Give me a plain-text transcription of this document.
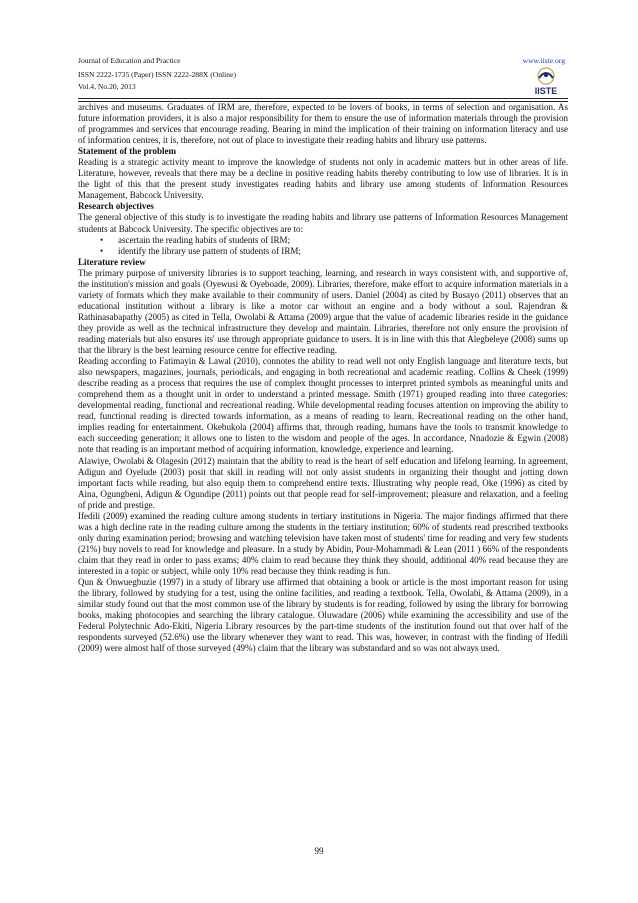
Journal of Education and Practice	www.iiste.org
ISSN 2222-1735 (Paper) ISSN 2222-288X (Online)
Vol.4, No.20, 2013	IISTE

archives and museums. Graduates of IRM are, therefore, expected to be lovers of books, in terms of selection and organisation. As future information providers, it is also a major responsibility for them to ensure the use of information materials through the provision of programmes and services that encourage reading. Bearing in mind the implication of their training on information literacy and use of information centres, it is, therefore, not out of place to investigate their reading habits and library use patterns.

Statement of the problem

Reading is a strategic activity meant to improve the knowledge of students not only in academic matters but in other areas of life. Literature, however, reveals that there may be a decline in positive reading habits thereby contributing to low use of libraries. It is in the light of this that the present study investigates reading habits and library use among students of Information Resources Management, Babcock University.

Research objectives

The general objective of this study is to investigate the reading habits and library use patterns of Information Resources Management students at Babcock University. The specific objectives are to:

• ascertain the reading habits of students of IRM;
• identify the library use pattern of students of IRM;
Literature review

The primary purpose of university libraries is to support teaching, learning, and research in ways consistent with, and supportive of, the institution's mission and goals (Oyewusi & Oyeboade, 2009). Libraries, therefore, make effort to acquire information materials in a variety of formats which they make available to their community of users. Daniel (2004) as cited by Busayo (2011) observes that an educational institution without a library is like a motor car without an engine and a body without a soul. Rajendran & Rathinasabapathy (2005) as cited in Tella, Owolabi & Attama (2009) argue that the value of academic libraries reside in the guidance they provide as well as the technical infrastructure they develop and maintain. Libraries, therefore not only ensure the provision of reading materials but also ensures its' use through appropriate guidance to users. It is in line with this that Alegbeleye (2008) sums up that the library is the best learning resource centre for effective reading.

Reading according to Fatimayin & Lawal (2010), connotes the ability to read well not only English language and literature texts, but also newspapers, magazines, journals, periodicals, and engaging in both recreational and academic reading. Collins & Cheek (1999) describe reading as a process that requires the use of complex thought processes to interpret printed symbols as meaningful units and comprehend them as a thought unit in order to understand a printed message. Smith (1971) grouped reading into three categories: developmental reading, functional and recreational reading. While developmental reading focuses attention on improving the ability to read, functional reading is directed towards information, as a means of reading to learn. Recreational reading on the other hand, implies reading for entertainment. Okebukola (2004) affirms that, through reading, humans have the tools to transmit knowledge to each succeeding generation; it allows one to listen to the wisdom and people of the ages. In accordance, Nnadozie & Egwin (2008) note that reading is an important method of acquiring information, knowledge, experience and learning.

Alawiye, Owolabi & Olagesin (2012) maintain that the ability to read is the heart of self education and lifelong learning. In agreement, Adigun and Oyelude (2003) posit that skill in reading will not only assist students in organizing their thought and jotting down important facts while reading, but also equip them to comprehend entire texts. Illustrating why people read, Oke (1996) as cited by Aina, Ogungbeni, Adigun & Ogundipe (2011) points out that people read for self-improvement; pleasure and relaxation, and a feeling of pride and prestige.

Ifedili (2009) examined the reading culture among students in tertiary institutions in Nigeria. The major findings affirmed that there was a high decline rate in the reading culture among the students in the tertiary institution; 60% of students read prescribed textbooks only during examination period; browsing and watching television have taken most of students' time for reading and very few students (21%) buy novels to read for knowledge and pleasure. In a study by Abidin, Pour-Mohammadi & Lean (2011 ) 66% of the respondents claim that they read in order to pass exams; 40% claim to read because they think they should, additional 40% read because they are interested in a topic or subject, while only 10% read because they think reading is fun.

Qun & Onwuegbuzie (1997) in a study of library use affirmed that obtaining a book or article is the most important reason for using the library, followed by studying for a test, using the online facilities, and reading a textbook. Tella, Owolabi, & Attama (2009), in a similar study found out that the most common use of the library by students is for reading, followed by using the library for borrowing books, making photocopies and searching the library catalogue. Oluwadare (2006) while examining the accessibility and use of the Federal Polytechnic Ado-Ekiti, Nigeria Library resources by the part-time students of the institution found out that over half of the respondents surveyed (52.6%) use the library whenever they want to read. This was, however, in contrast with the finding of Ifedili (2009) were almost half of those surveyed (49%) claim that the library was substandard and so was not always used.

99
